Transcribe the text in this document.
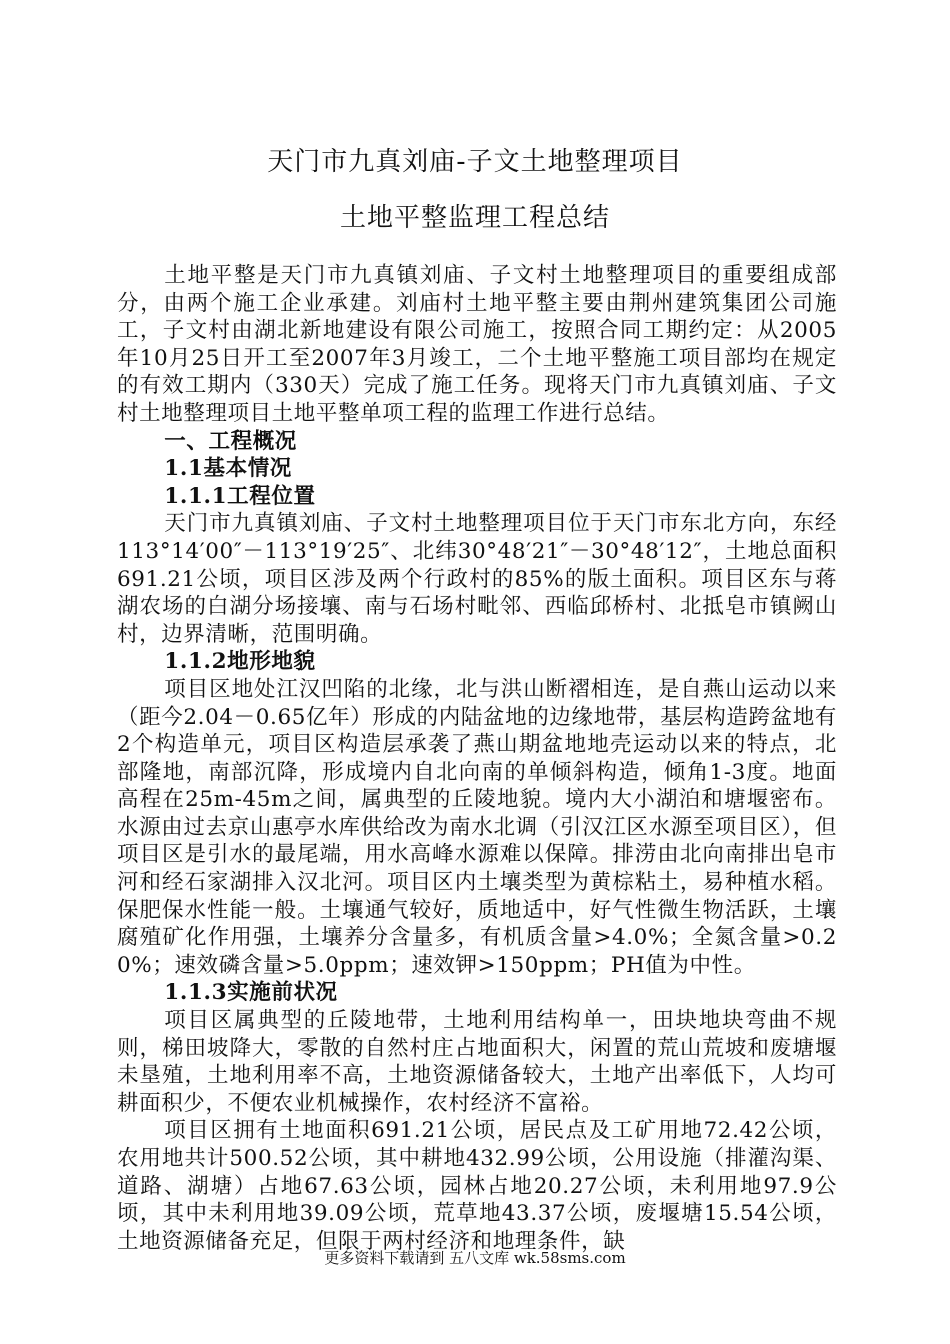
天门市九真刘庙-子文土地整理项目
土地平整监理工程总结

土地平整是天门市九真镇刘庙、子文村土地整理项目的重要组成部分，由两个施工企业承建。刘庙村土地平整主要由荆州建筑集团公司施工，子文村由湖北新地建设有限公司施工，按照合同工期约定：从2005年10月25日开工至2007年3月竣工，二个土地平整施工项目部均在规定的有效工期内（330天）完成了施工任务。现将天门市九真镇刘庙、子文村土地整理项目土地平整单项工程的监理工作进行总结。

一、工程概况

1.1基本情况

1.1.1工程位置

天门市九真镇刘庙、子文村土地整理项目位于天门市东北方向，东经113°14′00″－113°19′25″、北纬30°48′21″－30°48′12″，土地总面积691.21公顷，项目区涉及两个行政村的85%的版土面积。项目区东与蒋湖农场的白湖分场接壤、南与石场村毗邻、西临邱桥村、北抵皂市镇阙山村，边界清晰，范围明确。

1.1.2地形地貌

项目区地处江汉凹陷的北缘，北与洪山断褶相连，是自燕山运动以来（距今2.04－0.65亿年）形成的内陆盆地的边缘地带，基层构造跨盆地有2个构造单元，项目区构造层承袭了燕山期盆地地壳运动以来的特点，北部隆地，南部沉降，形成境内自北向南的单倾斜构造，倾角1-3度。地面高程在25m-45m之间，属典型的丘陵地貌。境内大小湖泊和塘堰密布。水源由过去京山惠亭水库供给改为南水北调（引汉江区水源至项目区），但项目区是引水的最尾端，用水高峰水源难以保障。排涝由北向南排出皂市河和经石家湖排入汉北河。项目区内土壤类型为黄棕粘土，易种植水稻。保肥保水性能一般。土壤通气较好，质地适中，好气性微生物活跃，土壤腐殖矿化作用强，土壤养分含量多，有机质含量>4.0%；全氮含量>0.20%；速效磷含量>5.0ppm；速效钾>150ppm；PH值为中性。

1.1.3实施前状况

项目区属典型的丘陵地带，土地利用结构单一，田块地块弯曲不规则，梯田坡降大，零散的自然村庄占地面积大，闲置的荒山荒坡和废塘堰未垦殖，土地利用率不高，土地资源储备较大，土地产出率低下，人均可耕面积少，不便农业机械操作，农村经济不富裕。

项目区拥有土地面积691.21公顷，居民点及工矿用地72.42公顷，农用地共计500.52公顷，其中耕地432.99公顷，公用设施（排灌沟渠、道路、湖塘）占地67.63公顷，园林占地20.27公顷，未利用地97.9公顷，其中未利用地39.09公顷，荒草地43.37公顷，废堰塘15.54公顷，土地资源储备充足，但限于两村经济和地理条件，缺

更多资料下载请到 五八文库 wk.58sms.com
